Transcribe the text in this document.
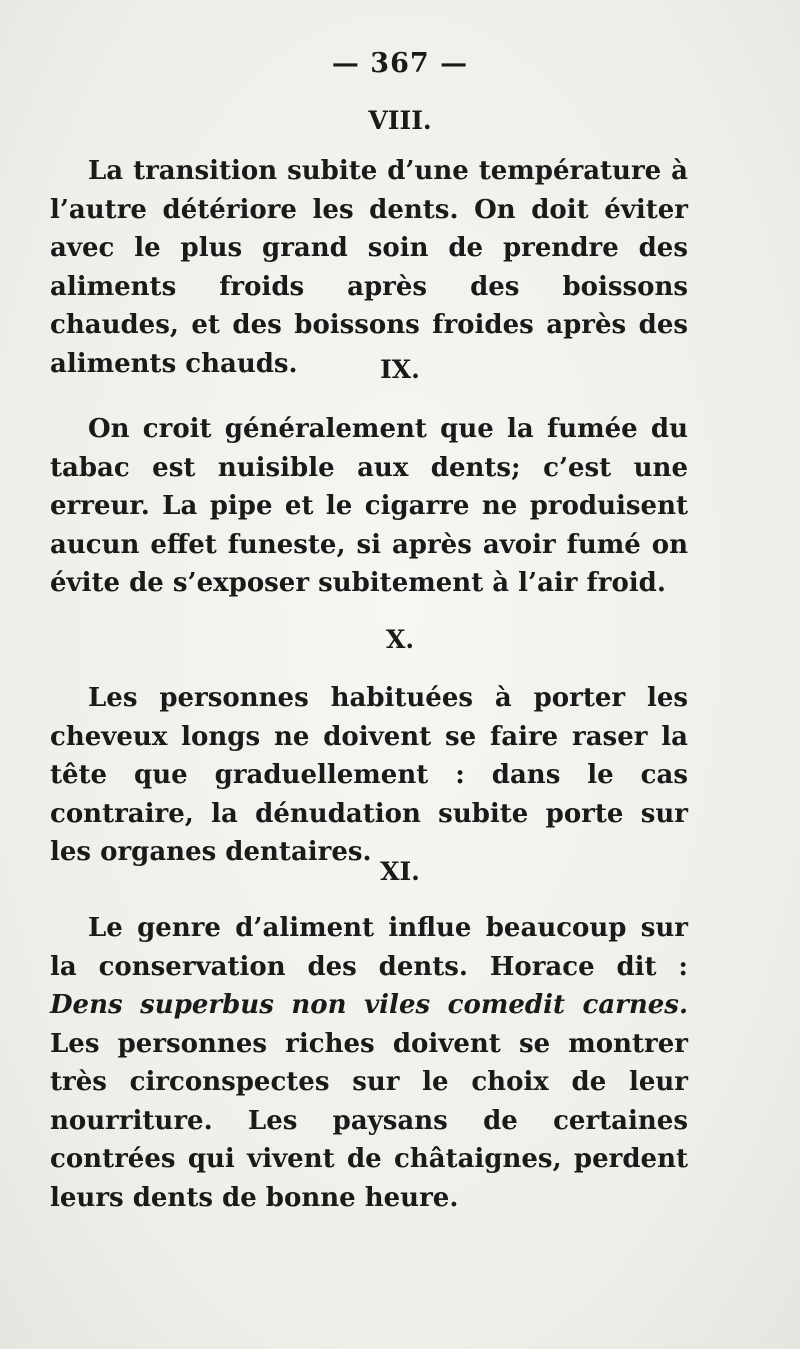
— 367 —
VIII.

La transition subite d’une température à l’autre détériore les dents. On doit éviter avec le plus grand soin de prendre des aliments froids après des boissons chaudes, et des boissons froides après des aliments chauds.	IX.

On croit généralement que la fumée du tabac est nuisible aux dents; c’est une erreur. La pipe et le cigarre ne produisent aucun effet funeste, si après avoir fumé on évite de s’exposer subitement à l’air froid.

X.

Les personnes habituées à porter les cheveux longs ne doivent se faire raser la tête que graduellement : dans le cas contraire, la dénudation subite porte sur les organes dentaires.

XI.

Le genre d’aliment influe beaucoup sur la conservation des dents. Horace dit : Dens superbus non viles comedit carnes. Les personnes riches doivent se montrer très circonspectes sur le choix de leur nourriture. Les paysans de certaines contrées qui vivent de châtaignes, perdent leurs dents de bonne heure.
